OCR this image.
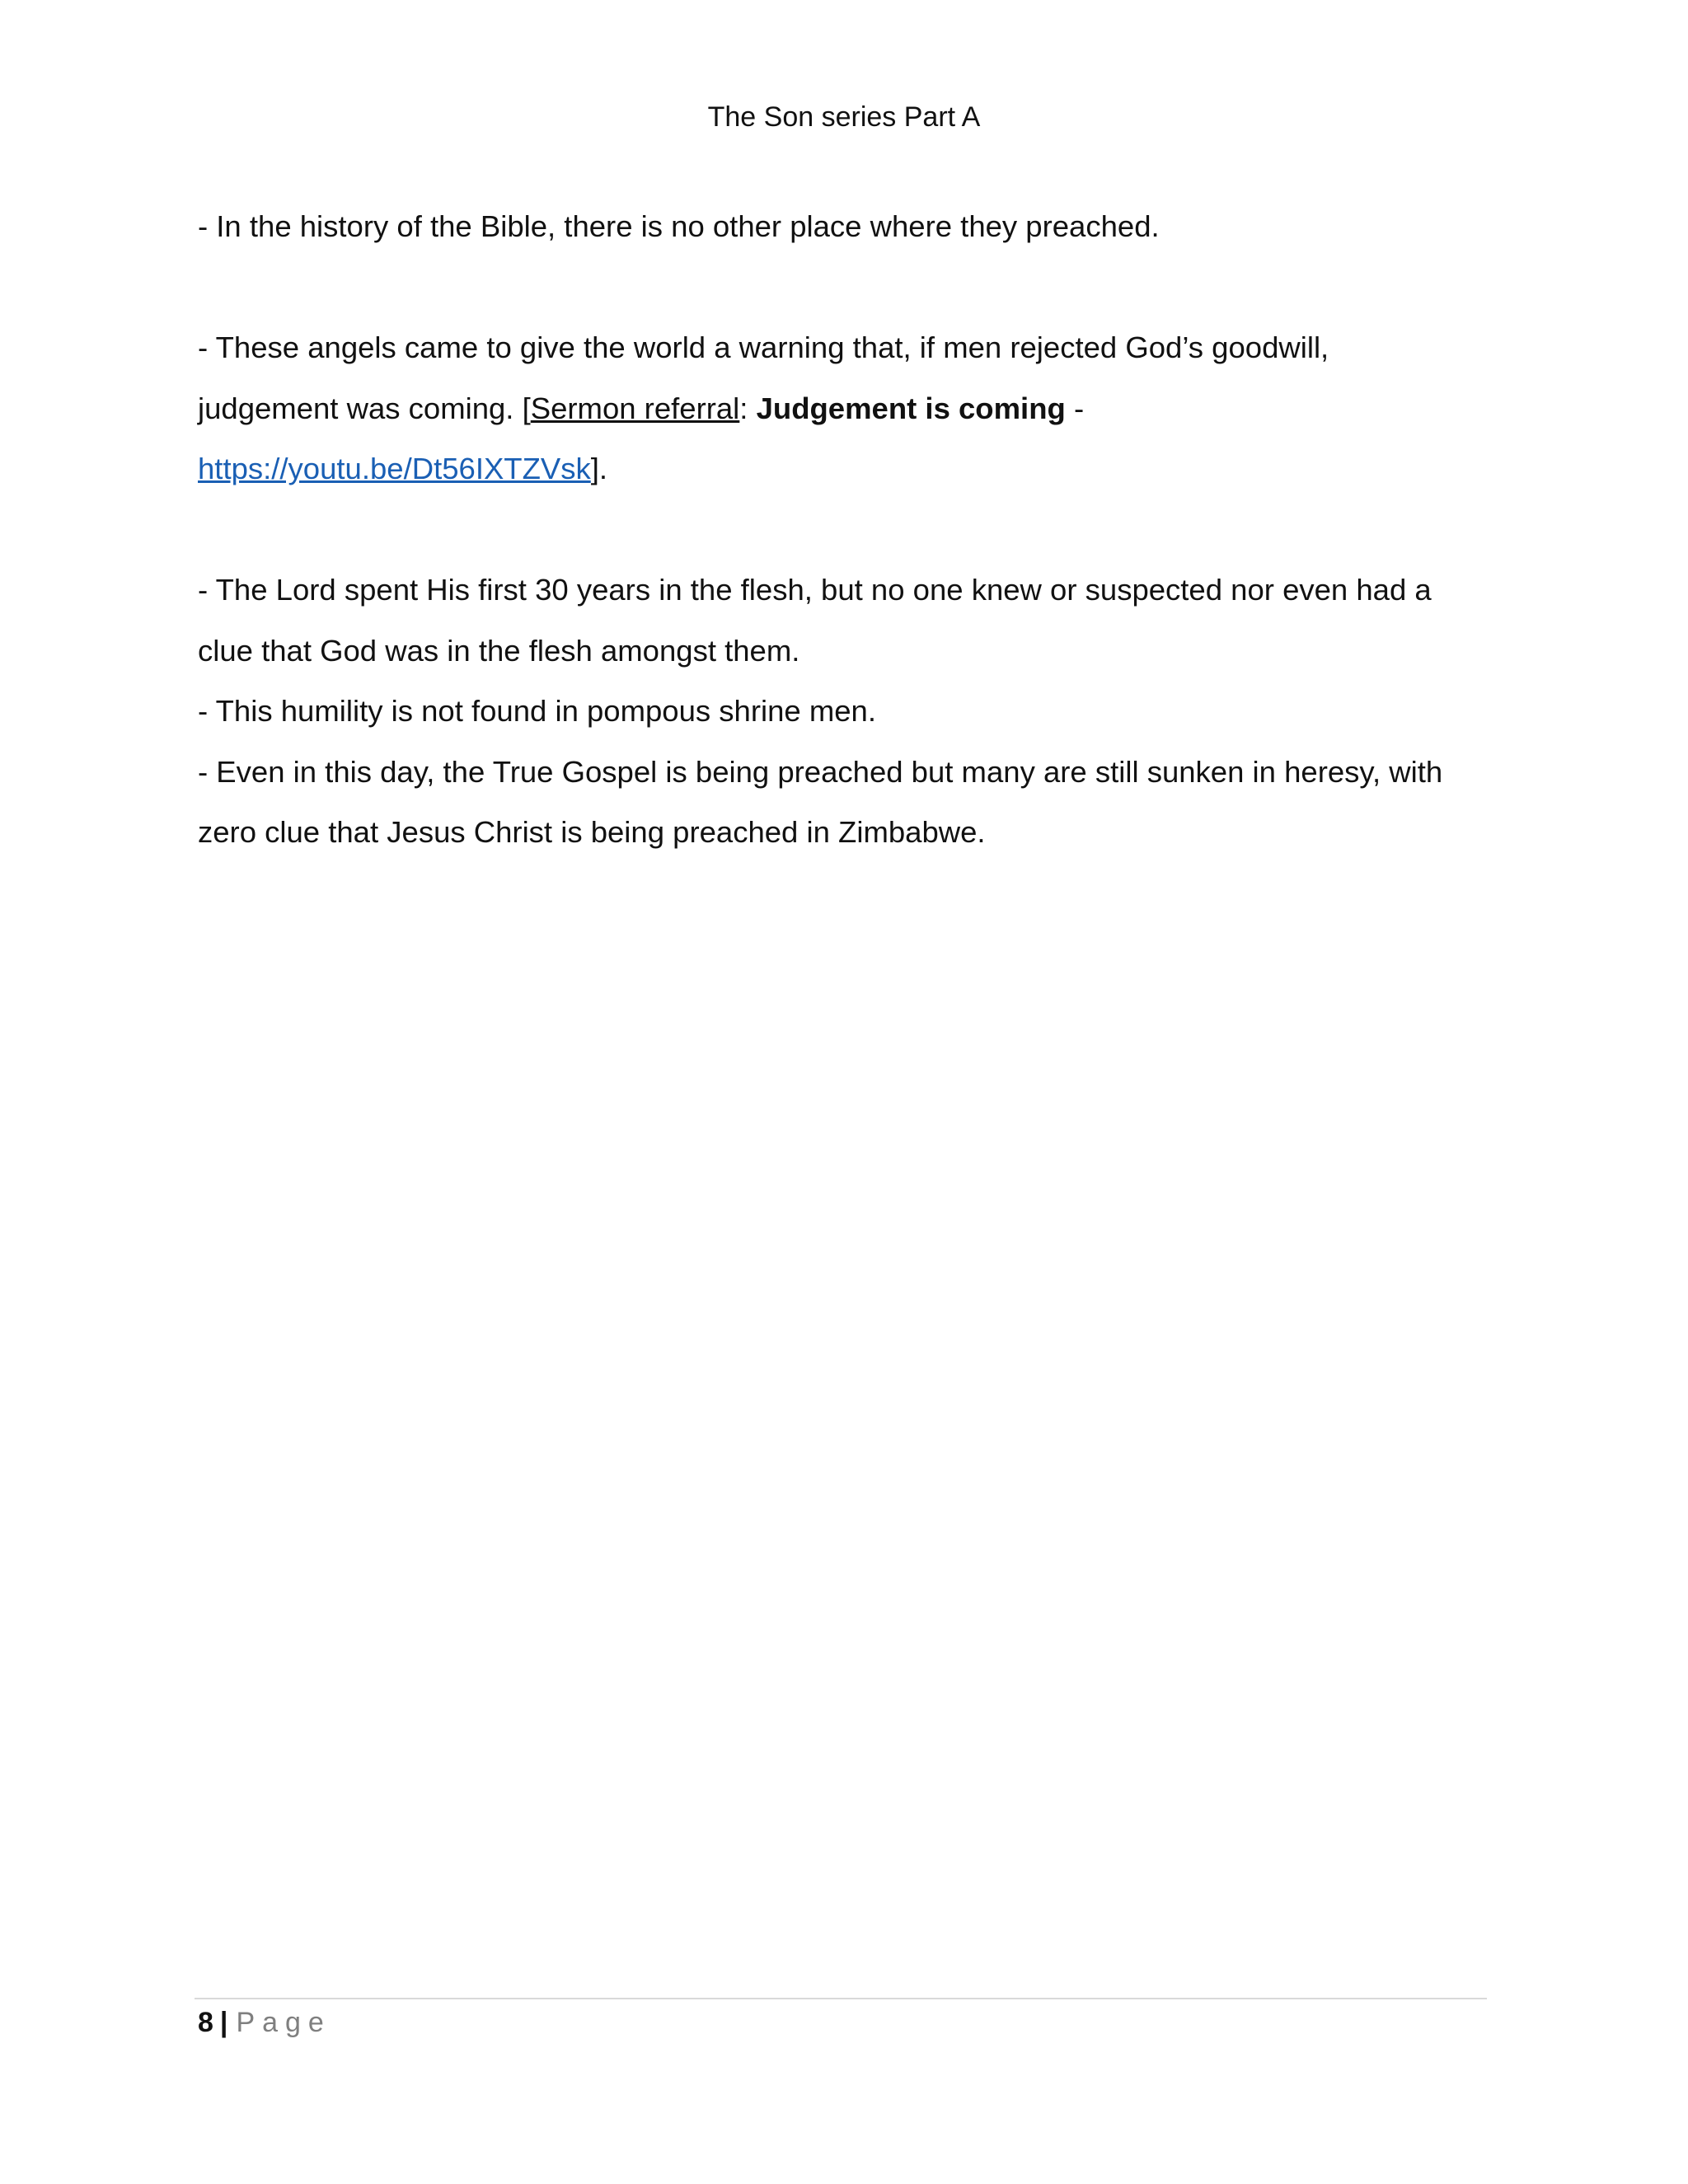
The Son series Part A
- In the history of the Bible, there is no other place where they preached.
- These angels came to give the world a warning that, if men rejected God’s goodwill,
judgement was coming. [Sermon referral: Judgement is coming -
https://youtu.be/Dt56IXTZVsk].
- The Lord spent His first 30 years in the flesh, but no one knew or suspected nor even had a
clue that God was in the flesh amongst them.
- This humility is not found in pompous shrine men.
- Even in this day, the True Gospel is being preached but many are still sunken in heresy, with
zero clue that Jesus Christ is being preached in Zimbabwe.
8 | Page
